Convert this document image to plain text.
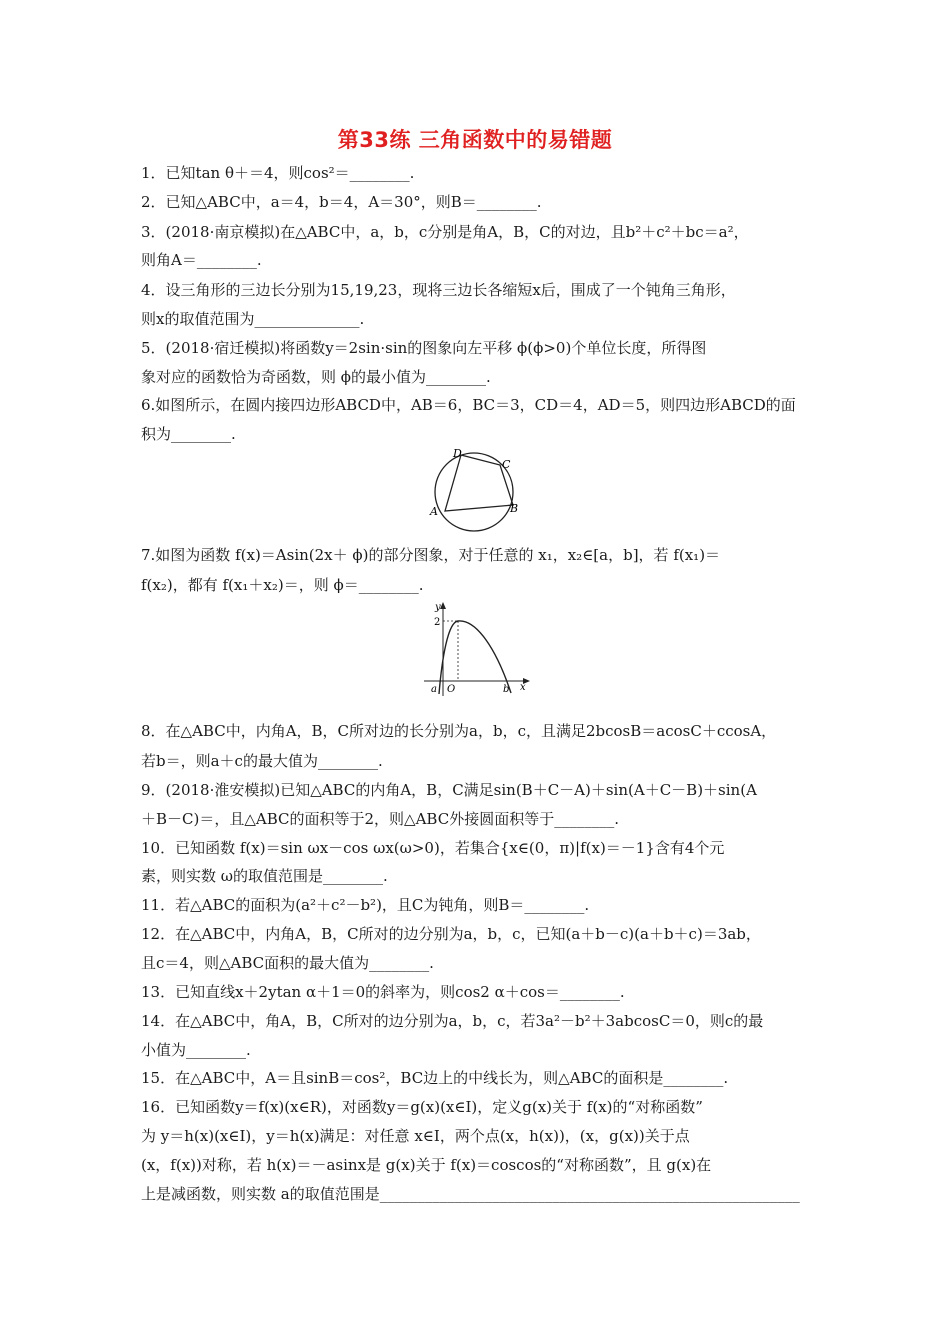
第33练 三角函数中的易错题
1．已知tan θ＋＝4，则cos²＝________.
2．已知△ABC中，a＝4，b＝4，A＝30°，则B＝________.
3．(2018·南京模拟)在△ABC中，a，b，c分别是角A，B，C的对边，且b²＋c²＋bc＝a²，
则角A＝________.
4．设三角形的三边长分别为15,19,23，现将三边长各缩短x后，围成了一个钝角三角形，
则x的取值范围为______________.
5．(2018·宿迁模拟)将函数y＝2sin·sin的图象向左平移 ϕ(ϕ>0)个单位长度，所得图
象对应的函数恰为奇函数，则 ϕ的最小值为________.
6.如图所示，在圆内接四边形ABCD中，AB＝6，BC＝3，CD＝4，AD＝5，则四边形ABCD的面
积为________.
D
C
A	B
7.如图为函数 f(x)＝Asin(2x＋ ϕ)的部分图象，对于任意的 x₁，x₂∈[a，b]，若 f(x₁)＝
f(x₂)，都有 f(x₁＋x₂)＝，则 ϕ＝________.
y
2
a O	b x
8．在△ABC中，内角A，B，C所对边的长分别为a，b，c，且满足2bcosB＝acosC＋ccosA，
若b＝，则a＋c的最大值为________.
9．(2018·淮安模拟)已知△ABC的内角A，B，C满足sin(B＋C－A)＋sin(A＋C－B)＋sin(A
＋B－C)＝，且△ABC的面积等于2，则△ABC外接圆面积等于________.
10．已知函数 f(x)＝sin ωx－cos ωx(ω>0)，若集合{x∈(0，π)|f(x)＝－1}含有4个元
素，则实数 ω的取值范围是________.
11．若△ABC的面积为(a²＋c²－b²)，且C为钝角，则B＝________.
12．在△ABC中，内角A，B，C所对的边分别为a，b，c，已知(a＋b－c)(a＋b＋c)＝3ab，
且c＝4，则△ABC面积的最大值为________.
13．已知直线x＋2ytan α＋1＝0的斜率为，则cos2 α＋cos＝________.
14．在△ABC中，角A，B，C所对的边分别为a，b，c，若3a²－b²＋3abcosC＝0，则c的最
小值为________.
15．在△ABC中，A＝且sinB＝cos²，BC边上的中线长为，则△ABC的面积是________.
16．已知函数y＝f(x)(x∈R)，对函数y＝g(x)(x∈I)，定义g(x)关于 f(x)的“对称函数”
为 y＝h(x)(x∈I)，y＝h(x)满足：对任意 x∈I，两个点(x，h(x))，(x，g(x))关于点
(x，f(x))对称，若 h(x)＝－asinx是 g(x)关于 f(x)＝coscos的“对称函数”，且 g(x)在
上是减函数，则实数 a的取值范围是________________________________________________________
